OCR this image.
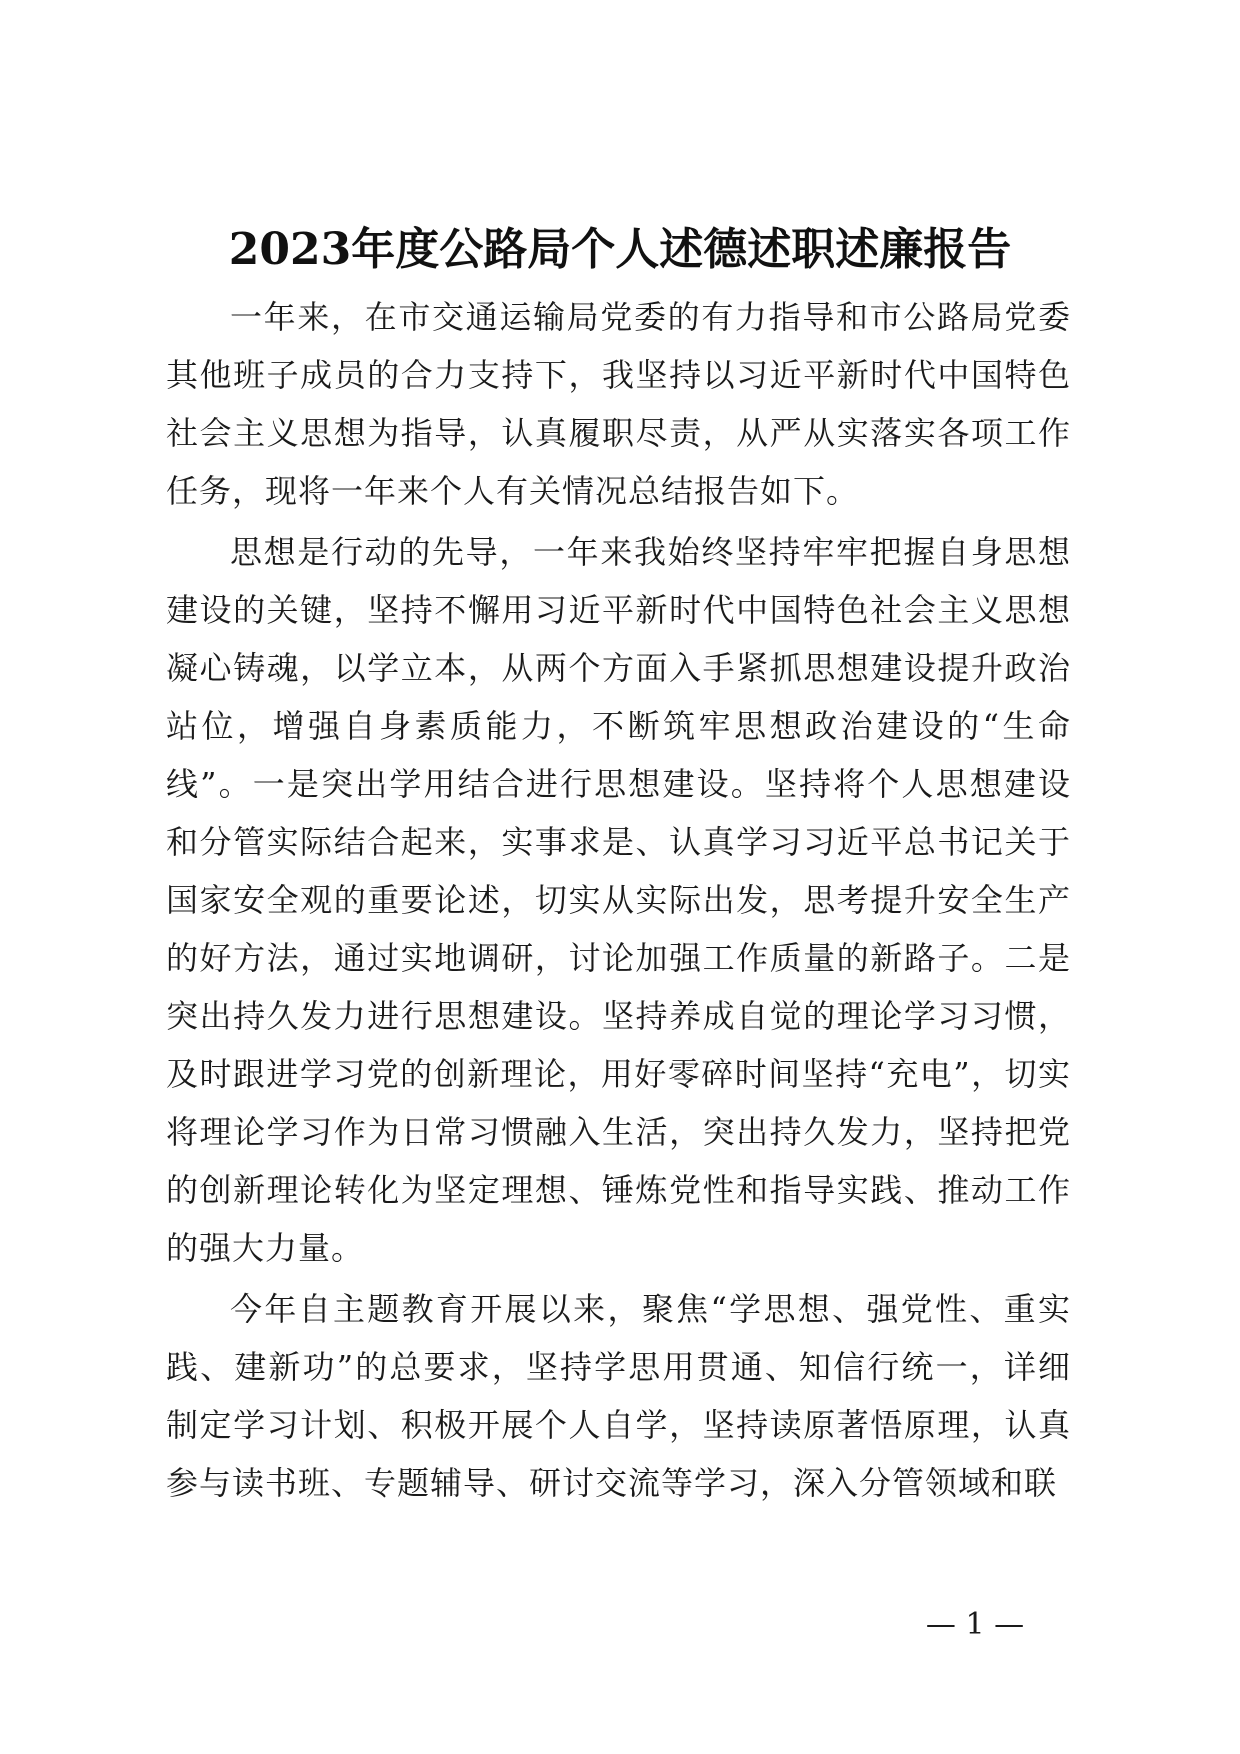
2023年度公路局个人述德述职述廉报告

一年来，在市交通运输局党委的有力指导和市公路局党委其他班子成员的合力支持下，我坚持以习近平新时代中国特色社会主义思想为指导，认真履职尽责，从严从实落实各项工作任务，现将一年来个人有关情况总结报告如下。

思想是行动的先导，一年来我始终坚持牢牢把握自身思想建设的关键，坚持不懈用习近平新时代中国特色社会主义思想凝心铸魂，以学立本，从两个方面入手紧抓思想建设提升政治站位，增强自身素质能力，不断筑牢思想政治建设的“生命线”。一是突出学用结合进行思想建设。坚持将个人思想建设和分管实际结合起来，实事求是、认真学习习近平总书记关于国家安全观的重要论述，切实从实际出发，思考提升安全生产的好方法，通过实地调研，讨论加强工作质量的新路子。二是突出持久发力进行思想建设。坚持养成自觉的理论学习习惯，及时跟进学习党的创新理论，用好零碎时间坚持“充电”，切实将理论学习作为日常习惯融入生活，突出持久发力，坚持把党的创新理论转化为坚定理想、锤炼党性和指导实践、推动工作的强大力量。

今年自主题教育开展以来，聚焦“学思想、强党性、重实践、建新功”的总要求，坚持学思用贯通、知信行统一，详细制定学习计划、积极开展个人自学，坚持读原著悟原理，认真参与读书班、专题辅导、研讨交流等学习，深入分管领域和联

— 1 —
